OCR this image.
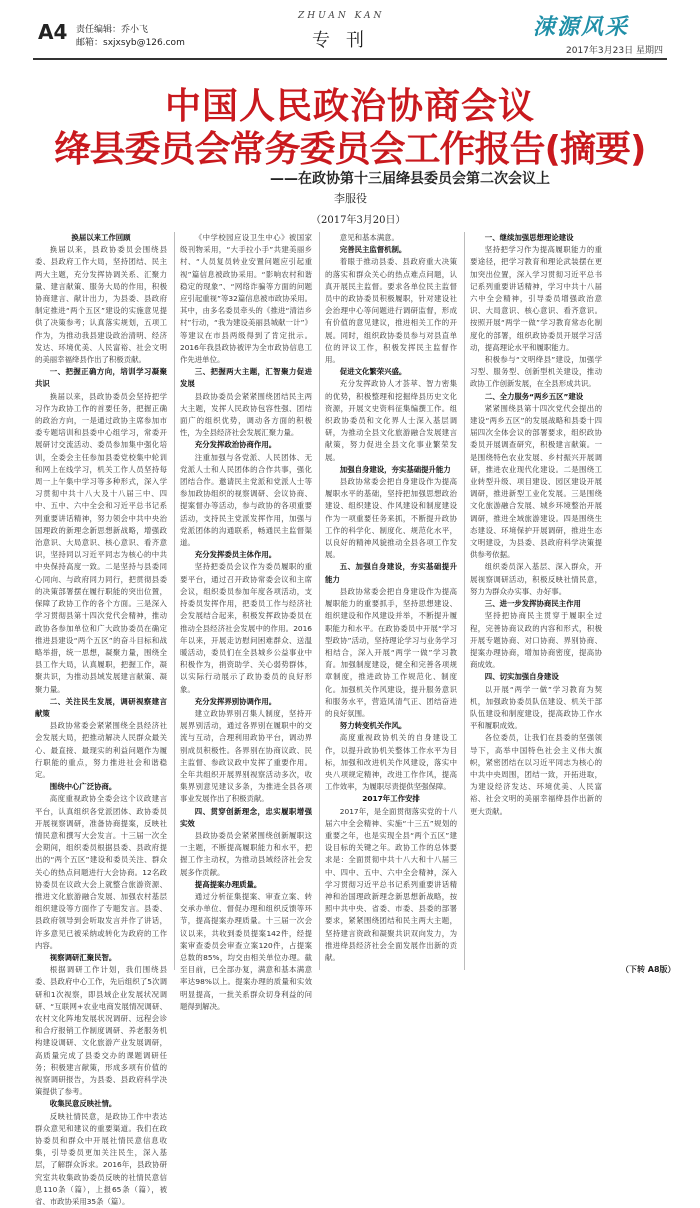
A4 责任编辑：乔小飞
邮箱：sxjxsyb@126.com
ZHUAN KAN
专刊
涑源风采
2017年3月23日 星期四
中国人民政治协商会议
绛县委员会常务委员会工作报告(摘要)
——在政协第十三届绛县委员会第二次会议上
李服役
（2017年3月20日）

换届以来工作回顾

换届以来，县政协委员会围绕县委、县政府工作大局，坚持团结、民主两大主题，充分发挥协调关系、汇聚力量、建言献策、服务大局的作用，积极协商建言、献计出力，为县委、县政府制定推进“两个五区”建设的实施意见提供了决策参考；认真落实规划，五项工作为，为推动我县建设政治清明、经济发达、环境优美、人民富裕、社会文明的美丽幸福绛县作出了积极贡献。

一、把握正确方向，培训学习凝聚共识

换届以来，县政协委员会坚持把学习作为政协工作的首要任务，把握正确的政治方向，一是通过政协主席参加市委专题培训和县委中心组学习，常委开展研讨交流活动、委员参加集中强化培训，全委会主任参加县委党校集中轮训和网上在线学习，机关工作人员坚持每周一上午集中学习等多种形式，深入学习贯彻中共十八大及十八届三中、四中、五中、六中全会和习近平总书记系列重要讲话精神，努力领会中共中央治国理政的新理念新思想新战略，增强政治意识、大局意识、核心意识、看齐意识，坚持同以习近平同志为核心的中共中央保持高度一致。二是坚持与县委同心同向、与政府同力同行，把贯彻县委的决策部署摆在履行职能的突出位置，保障了政协工作的各个方面。三是深入学习贯彻县第十四次党代会精神，推动政协各参加单位和广大政协委员在确定推进县建设“两个五区”的奋斗目标和战略举措，统一思想，凝聚力量，围绕全县工作大局，认真履职，把握工作，凝聚共识，为推动县域发展建言献策、凝聚力量。

二、关注民生发展，调研视察建言献策

县政协常委会紧紧围绕全县经济社会发展大局，把推动解决人民群众最关心、最直接、最现实的利益问题作为履行职能的重点，努力推进社会和谐稳定。

围绕中心广泛协商。

高度重视政协全委会这个议政建言平台，认真组织各党派团体、政协委员开展视察调研，准备协商提案，反映社情民意和撰写大会发言。十三届一次全会期间，组织委员根据县委、县政府提出的“两个五区”建设和委员关注、群众关心的热点问题进行大会协商。12名政协委员在议政大会上就整合旅游资源、推进文化旅游融合发展、加强农村基层组织建设等方面作了专题发言。县委、县政府领导到会听取发言并作了讲话，许多意见已被采纳或转化为政府的工作内容。

视察调研汇聚民智。

根据调研工作计划，我们围绕县委、县政府中心工作，先后组织了5次调研和1次视察，即县域企业发展状况调研、“互联网+农业电商发展情况调研、农村文化阵地发展状况调研、远程会诊和合疗报销工作制度调研、养老服务机构建设调研、文化旅游产业发展调研，高质量完成了县委交办的课题调研任务；积极建言献策，形成多项有价值的视察调研报告，为县委、县政府科学决策提供了参考。

收集民意反映社情。

反映社情民意，是政协工作中表达群众意见和建议的重要渠道。我们在政协委员和群众中开展社情民意信息收集，引导委员更加关注民生，深入基层，了解群众诉求。2016年，县政协研究室共收集政协委员反映的社情民意信息110条（篇），上报65条（篇），被省、市政协采用35条（篇）。

《中学校园应设卫生中心》被国家级刊物采用，“大手拉小手”共建美丽乡村、“人员复员转业安置问题应引起重视”篇信息被政协采用。“影响农村和谐稳定的现象”、“网络诈骗等方面的问题应引起重视”等32篇信息被市政协采用。其中，由多名委员牵头的《推进“清洁乡村”行动，“我为建设美丽县城献一计”》等建议在市县两级得到了肯定批示。2016年我县政协被评为全市政协信息工作先进单位。

三、把握两大主题，汇智聚力促进发展

县政协委员会紧紧围绕团结民主两大主题，发挥人民政协包容性强、团结面广的组织优势，调动各方面的积极性，为全县经济社会发展汇聚力量。

充分发挥政治协商作用。

注重加强与各党派、人民团体、无党派人士和人民团体的合作共事，强化团结合作。邀请民主党派和党派人士等参加政协组织的视察调研、会议协商、提案督办等活动，参与政协的各项重要活动，支持民主党派发挥作用，加强与党派团体的沟通联系，畅通民主监督渠道。

充分发挥委员主体作用。

坚持把委员会议作为委员履职的重要平台，通过召开政协常委会议和主席会议，组织委员参加年度各项活动，支持委员发挥作用，把委员工作与经济社会发展结合起来，积极发挥政协委员在推动全县经济社会发展中的作用。2016年以来，开展走访慰问困难群众、送温暖活动，委员们在全县城乡公益事业中积极作为，捐资助学、关心弱势群体，以实际行动展示了政协委员的良好形象。

充分发挥界别协调作用。

建立政协界别召集人制度，坚持开展界别活动，通过各界别在履职中的交流与互动，合理利用政协平台，调动界别成员积极性。各界别在协商议政、民主监督、参政议政中发挥了重要作用。全年共组织开展界别视察活动多次，收集界别意见建议多条，为推进全县各项事业发展作出了积极贡献。

四、贯穿创新理念，忠实履职增强实效

县政协委员会紧紧围绕创新履职这一主题，不断提高履职能力和水平，把握工作主动权，为推动县域经济社会发展多作贡献。

提高提案办理质量。

通过分析征集提案、审查立案、转交承办单位、督促办理和组织反馈等环节，提高提案办理质量。十三届一次会议以来，共收到委员提案142件，经提案审查委员会审查立案120件，占提案总数的85%，均交由相关单位办理。截至目前，已全部办复，满意和基本满意率达98%以上。提案办理的质量和实效明显提高，一批关系群众切身利益的问题得到解决。

意见和基本满意。

完善民主监督机制。

着眼于推动县委、县政府重大决策的落实和群众关心的热点难点问题，认真开展民主监督。要求各单位民主监督员中的政协委员积极履职，针对建设社会治理中心等问题进行调研监督，形成有价值的意见建议，推进相关工作的开展。同时，组织政协委员参与对县直单位的评议工作，积极发挥民主监督作用。

促进文化繁荣兴盛。

充分发挥政协人才荟萃、智力密集的优势，积极整理和挖掘绛县历史文化资源，开展文史资料征集编撰工作。组织政协委员和文化界人士深入基层调研，为推动全县文化旅游融合发展建言献策，努力促进全县文化事业繁荣发展。

加强自身建设，夯实基础提升能力

县政协常委会把自身建设作为提高履职水平的基础，坚持把加强思想政治建设、组织建设、作风建设和制度建设作为一项重要任务来抓，不断提升政协工作的科学化、制度化、规范化水平，以良好的精神风貌推动全县各项工作发展。

五、加强自身建设，夯实基础提升能力

县政协常委会把自身建设作为提高履职能力的重要抓手，坚持思想建设、组织建设和作风建设并举，不断提升履职能力和水平。在政协委员中开展“学习型政协”活动，坚持理论学习与业务学习相结合，深入开展“两学一做”学习教育。加强制度建设，健全和完善各项规章制度，推进政协工作规范化、制度化。加强机关作风建设，提升服务意识和服务水平，营造风清气正、团结奋进的良好氛围。

努力转变机关作风。

高度重视政协机关的自身建设工作，以提升政协机关整体工作水平为目标，加强和改进机关作风建设，落实中央八项规定精神，改进工作作风，提高工作效率，为履职尽责提供坚强保障。

2017年工作安排

2017年，是全面贯彻落实党的十八届六中全会精神、实施“十三五”规划的重要之年，也是实现全县“两个五区”建设目标的关键之年。政协工作的总体要求是：全面贯彻中共十八大和十八届三中、四中、五中、六中全会精神，深入学习贯彻习近平总书记系列重要讲话精神和治国理政新理念新思想新战略，按照中共中央、省委、市委、县委的部署要求，紧紧围绕团结和民主两大主题，坚持建言资政和凝聚共识双向发力，为推进绛县经济社会全面发展作出新的贡献。

一、继续加强思想理论建设

坚持把学习作为提高履职能力的重要途径，把学习教育和理论武装摆在更加突出位置，深入学习贯彻习近平总书记系列重要讲话精神，学习中共十八届六中全会精神，引导委员增强政治意识、大局意识、核心意识、看齐意识。按照开展“两学一做”学习教育常态化制度化的部署，组织政协委员开展学习活动，提高理论水平和履职能力。

积极参与“文明绛县”建设，加强学习型、服务型、创新型机关建设，推动政协工作创新发展，在全县形成共识。

二、全力服务“两乡五区”建设

紧紧围绕县第十四次党代会提出的建设“两乡五区”的发展战略和县委十四届四次全体会议的部署要求，组织政协委员开展调查研究，积极建言献策。一是围绕特色农业发展、乡村振兴开展调研，推进农业现代化建设。二是围绕工业转型升级、项目建设、园区建设开展调研，推进新型工业化发展。三是围绕文化旅游融合发展、城乡环境整治开展调研，推进全域旅游建设。四是围绕生态建设、环境保护开展调研，推进生态文明建设，为县委、县政府科学决策提供参考依据。

组织委员深入基层、深入群众，开展视察调研活动，积极反映社情民意，努力为群众办实事、办好事。

三、进一步发挥协商民主作用

坚持把协商民主贯穿于履职全过程，完善协商议政的内容和形式，积极开展专题协商、对口协商、界别协商、提案办理协商，增加协商密度，提高协商成效。

四、切实加强自身建设

以开展“两学一做”学习教育为契机，加强政协委员队伍建设、机关干部队伍建设和制度建设，提高政协工作水平和履职成效。

各位委员，让我们在县委的坚强领导下，高举中国特色社会主义伟大旗帜，紧密团结在以习近平同志为核心的中共中央周围，团结一致，开拓进取，为建设经济发达、环境优美、人民富裕、社会文明的美丽幸福绛县作出新的更大贡献。

（下转 A8版）
